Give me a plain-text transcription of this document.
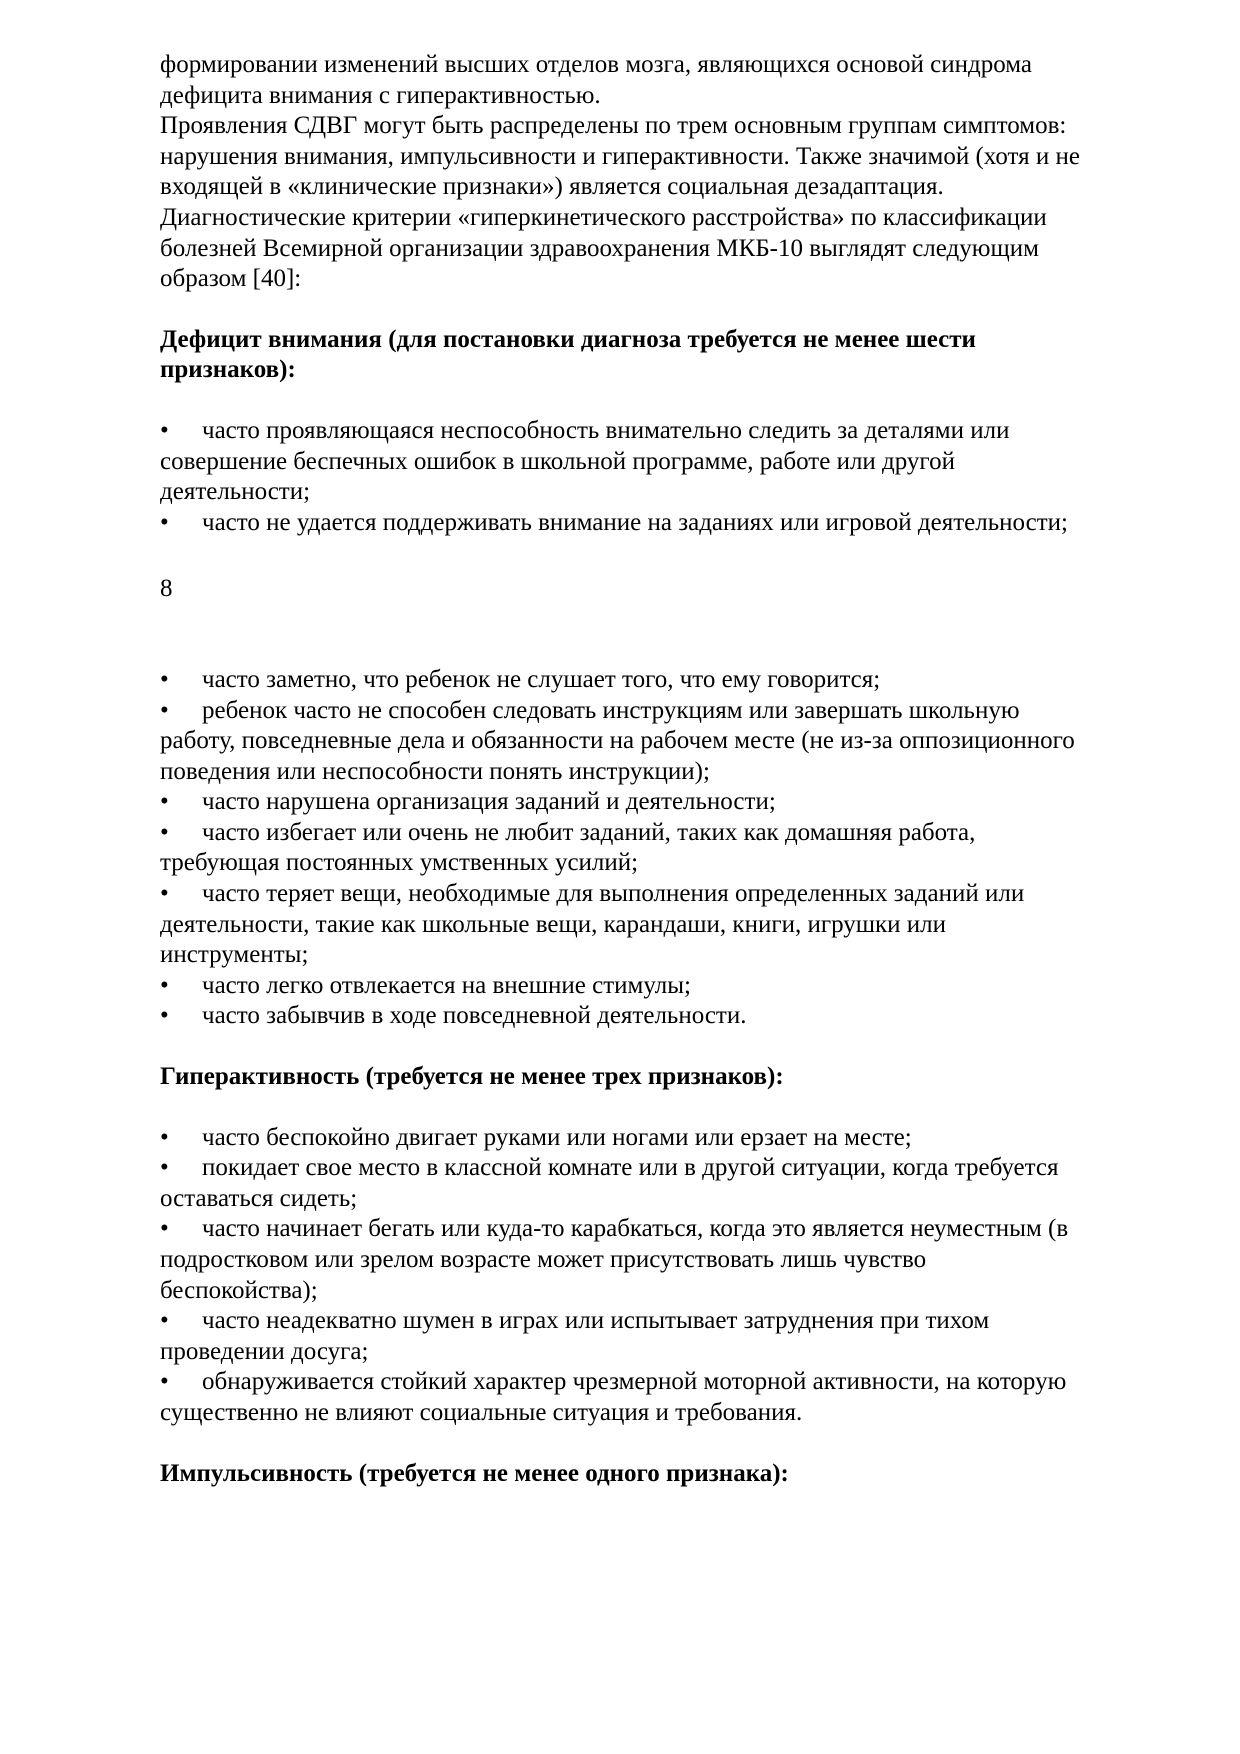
формировании изменений высших отделов мозга, являющихся основой синдрома дефицита внимания с гиперактивностью.

Проявления СДВГ могут быть распределены по трем основным группам симптомов: нарушения внимания, импульсивности и гиперактивности. Также значимой (хотя и не входящей в «клинические признаки») является социальная дезадаптация.

Диагностические критерии «гиперкинетического расстройства» по классификации болезней Всемирной организации здравоохранения МКБ-10 выглядят следующим образом [40]:

Дефицит внимания (для постановки диагноза требуется не менее шести признаков):
• часто проявляющаяся неспособность внимательно следить за деталями или совершение беспечных ошибок в школьной программе, работе или другой деятельности;
• часто не удается поддерживать внимание на заданиях или игровой деятельности;
8
• часто заметно, что ребенок не слушает того, что ему говорится;
• ребенок часто не способен следовать инструкциям или завершать школьную работу, повседневные дела и обязанности на рабочем месте (не из-за оппозиционного поведения или неспособности понять инструкции);
• часто нарушена организация заданий и деятельности;
• часто избегает или очень не любит заданий, таких как домашняя работа, требующая постоянных умственных усилий;
• часто теряет вещи, необходимые для выполнения определенных заданий или деятельности, такие как школьные вещи, карандаши, книги, игрушки или инструменты;
• часто легко отвлекается на внешние стимулы;
• часто забывчив в ходе повседневной деятельности.
Гиперактивность (требуется не менее трех признаков):
• часто беспокойно двигает руками или ногами или ерзает на месте;
• покидает свое место в классной комнате или в другой ситуации, когда требуется оставаться сидеть;
• часто начинает бегать или куда-то карабкаться, когда это является неуместным (в подростковом или зрелом возрасте может присутствовать лишь чувство беспокойства);
• часто неадекватно шумен в играх или испытывает затруднения при тихом проведении досуга;
• обнаруживается стойкий характер чрезмерной моторной активности, на которую существенно не влияют социальные ситуация и требования.
Импульсивность (требуется не менее одного признака):
